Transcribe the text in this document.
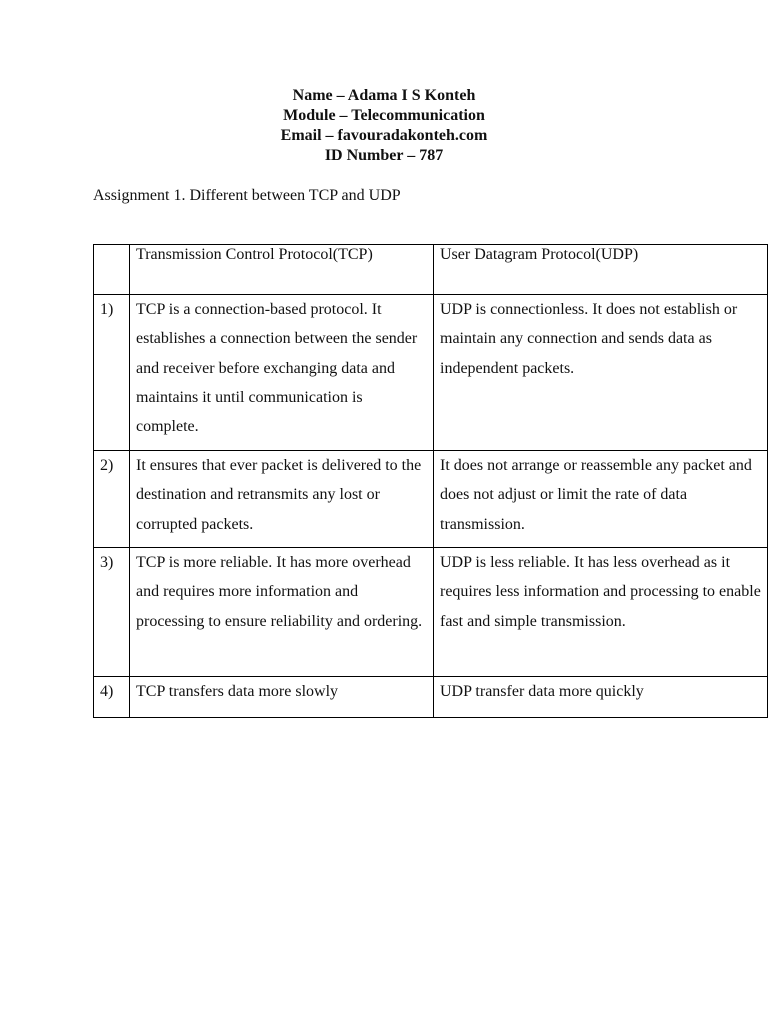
Name – Adama I S Konteh
Module – Telecommunication
Email – favouradakonteh.com
ID Number – 787
Assignment 1. Different between TCP and UDP
	Transmission Control Protocol(TCP)	User Datagram Protocol(UDP)
1)	TCP is a connection-based protocol. It establishes a connection between the sender and receiver before exchanging data and maintains it until communication is complete.	UDP is connectionless. It does not establish or maintain any connection and sends data as independent packets.
2)	It ensures that ever packet is delivered to the destination and retransmits any lost or corrupted packets.	It does not arrange or reassemble any packet and does not adjust or limit the rate of data transmission.
3)	TCP is more reliable. It has more overhead and requires more information and processing to ensure reliability and ordering.	UDP is less reliable. It has less overhead as it requires less information and processing to enable fast and simple transmission.
4)	TCP transfers data more slowly	UDP transfer data more quickly
